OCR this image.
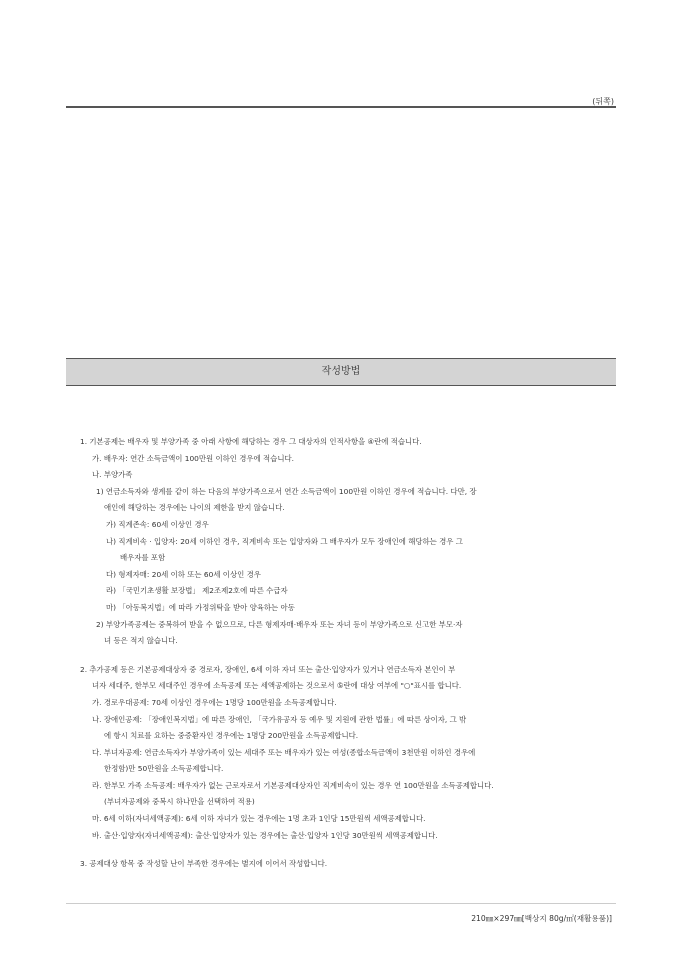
(뒤쪽)
작성방법
1. 기본공제는 배우자 및 부양가족 중 아래 사항에 해당하는 경우 그 대상자의 인적사항을 ④란에 적습니다.
가. 배우자: 연간 소득금액이 100만원 이하인 경우에 적습니다.
나. 부양가족
1) 연금소득자와 생계를 같이 하는 다음의 부양가족으로서 연간 소득금액이 100만원 이하인 경우에 적습니다. 다만, 장
애인에 해당하는 경우에는 나이의 제한을 받지 않습니다.
가) 직계존속: 60세 이상인 경우
나) 직계비속 · 입양자: 20세 이하인 경우, 직계비속 또는 입양자와 그 배우자가 모두 장애인에 해당하는 경우 그
배우자를 포함
다) 형제자매: 20세 이하 또는 60세 이상인 경우
라) 「국민기초생활 보장법」 제2조제2호에 따른 수급자
마) 「아동복지법」에 따라 가정위탁을 받아 양육하는 아동
2) 부양가족공제는 중복하여 받을 수 없으므로, 다른 형제자매·배우자 또는 자녀 등이 부양가족으로 신고한 부모·자
녀 등은 적지 않습니다.
2. 추가공제 등은 기본공제대상자 중 경로자, 장애인, 6세 이하 자녀 또는 출산·입양자가 있거나 연금소득자 본인이 부
녀자 세대주, 한부모 세대주인 경우에 소득공제 또는 세액공제하는 것으로서 ⑤란에 대상 여부에 "○"표시를 합니다.
가. 경로우대공제: 70세 이상인 경우에는 1명당 100만원을 소득공제합니다.
나. 장애인공제: 「장애인복지법」에 따른 장애인, 「국가유공자 등 예우 및 지원에 관한 법률」에 따른 상이자, 그 밖
에 항시 치료를 요하는 중증환자인 경우에는 1명당 200만원을 소득공제합니다.
다. 부녀자공제: 연금소득자가 부양가족이 있는 세대주 또는 배우자가 있는 여성(종합소득금액이 3천만원 이하인 경우에
한정함)만 50만원을 소득공제합니다.
라. 한부모 가족 소득공제: 배우자가 없는 근로자로서 기본공제대상자인 직계비속이 있는 경우 연 100만원을 소득공제합니다.
(부녀자공제와 중복시 하나만을 선택하여 적용)
마. 6세 이하(자녀세액공제): 6세 이하 자녀가 있는 경우에는 1명 초과 1인당 15만원씩 세액공제합니다.
바. 출산·입양자(자녀세액공제): 출산·입양자가 있는 경우에는 출산·입양자 1인당 30만원씩 세액공제합니다.
3. 공제대상 항목 중 작성할 난이 부족한 경우에는 별지에 이어서 작성합니다.
210㎜×297㎜[백상지 80g/㎡(재활용품)]
